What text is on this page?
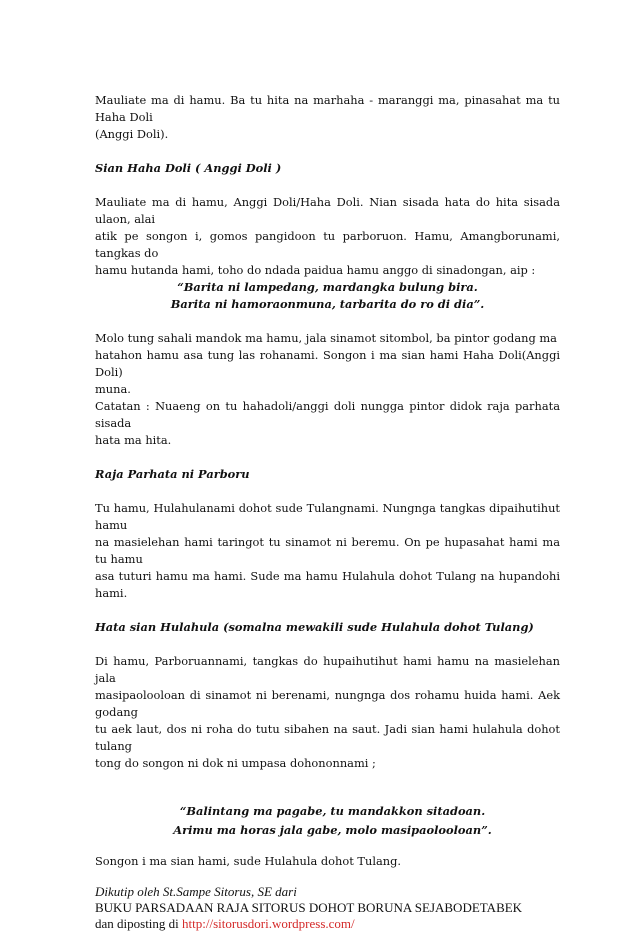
Mauliate ma di hamu. Ba tu hita na marhaha - maranggi ma, pinasahat ma tu Haha Doli

(Anggi Doli).

Sian Haha Doli ( Anggi Doli )

Mauliate ma di hamu, Anggi Doli/Haha Doli. Nian sisada hata do hita sisada ulaon, alai

atik pe songon i, gomos pangidoon tu parboruon. Hamu, Amangborunami, tangkas do

hamu hutanda hami, toho do ndada paidua hamu anggo di sinadongan, aip :

“Barita ni lampedang, mardangka bulung bira.

Barita ni hamoraonmuna, tarbarita do ro di dia”.

Molo tung sahali mandok ma hamu, jala sinamot sitombol, ba pintor godang ma

hatahon hamu asa tung las rohanami. Songon i ma sian hami Haha Doli(Anggi Doli)

muna.

Catatan : Nuaeng on tu hahadoli/anggi doli nungga pintor didok raja parhata sisada

hata ma hita.

Raja Parhata ni Parboru

Tu hamu, Hulahulanami dohot sude Tulangnami. Nungnga tangkas dipaihutihut hamu

na masielehan hami taringot tu sinamot ni beremu. On pe hupasahat hami ma tu hamu

asa tuturi hamu ma hami. Sude ma hamu Hulahula dohot Tulang na hupandohi hami.

Hata sian Hulahula (somalna mewakili sude Hulahula dohot Tulang)

Di hamu, Parboruannami, tangkas do hupaihutihut hami hamu na masielehan jala

masipaolooloan di sinamot ni berenami, nungnga dos rohamu huida hami. Aek godang

tu aek laut, dos ni roha do tutu sibahen na saut. Jadi sian hami hulahula dohot tulang

tong do songon ni dok ni umpasa dohononnami ;

“Balintang ma pagabe, tu mandakkon sitadoan.

Arimu ma horas jala gabe, molo masipaolooloan”.

Songon i ma sian hami, sude Hulahula dohot Tulang.

Dikutip oleh St.Sampe Sitorus, SE dari

BUKU PARSADAAN RAJA SITORUS DOHOT BORUNA SEJABODETABEK

dan diposting di http://sitorusdori.wordpress.com/
